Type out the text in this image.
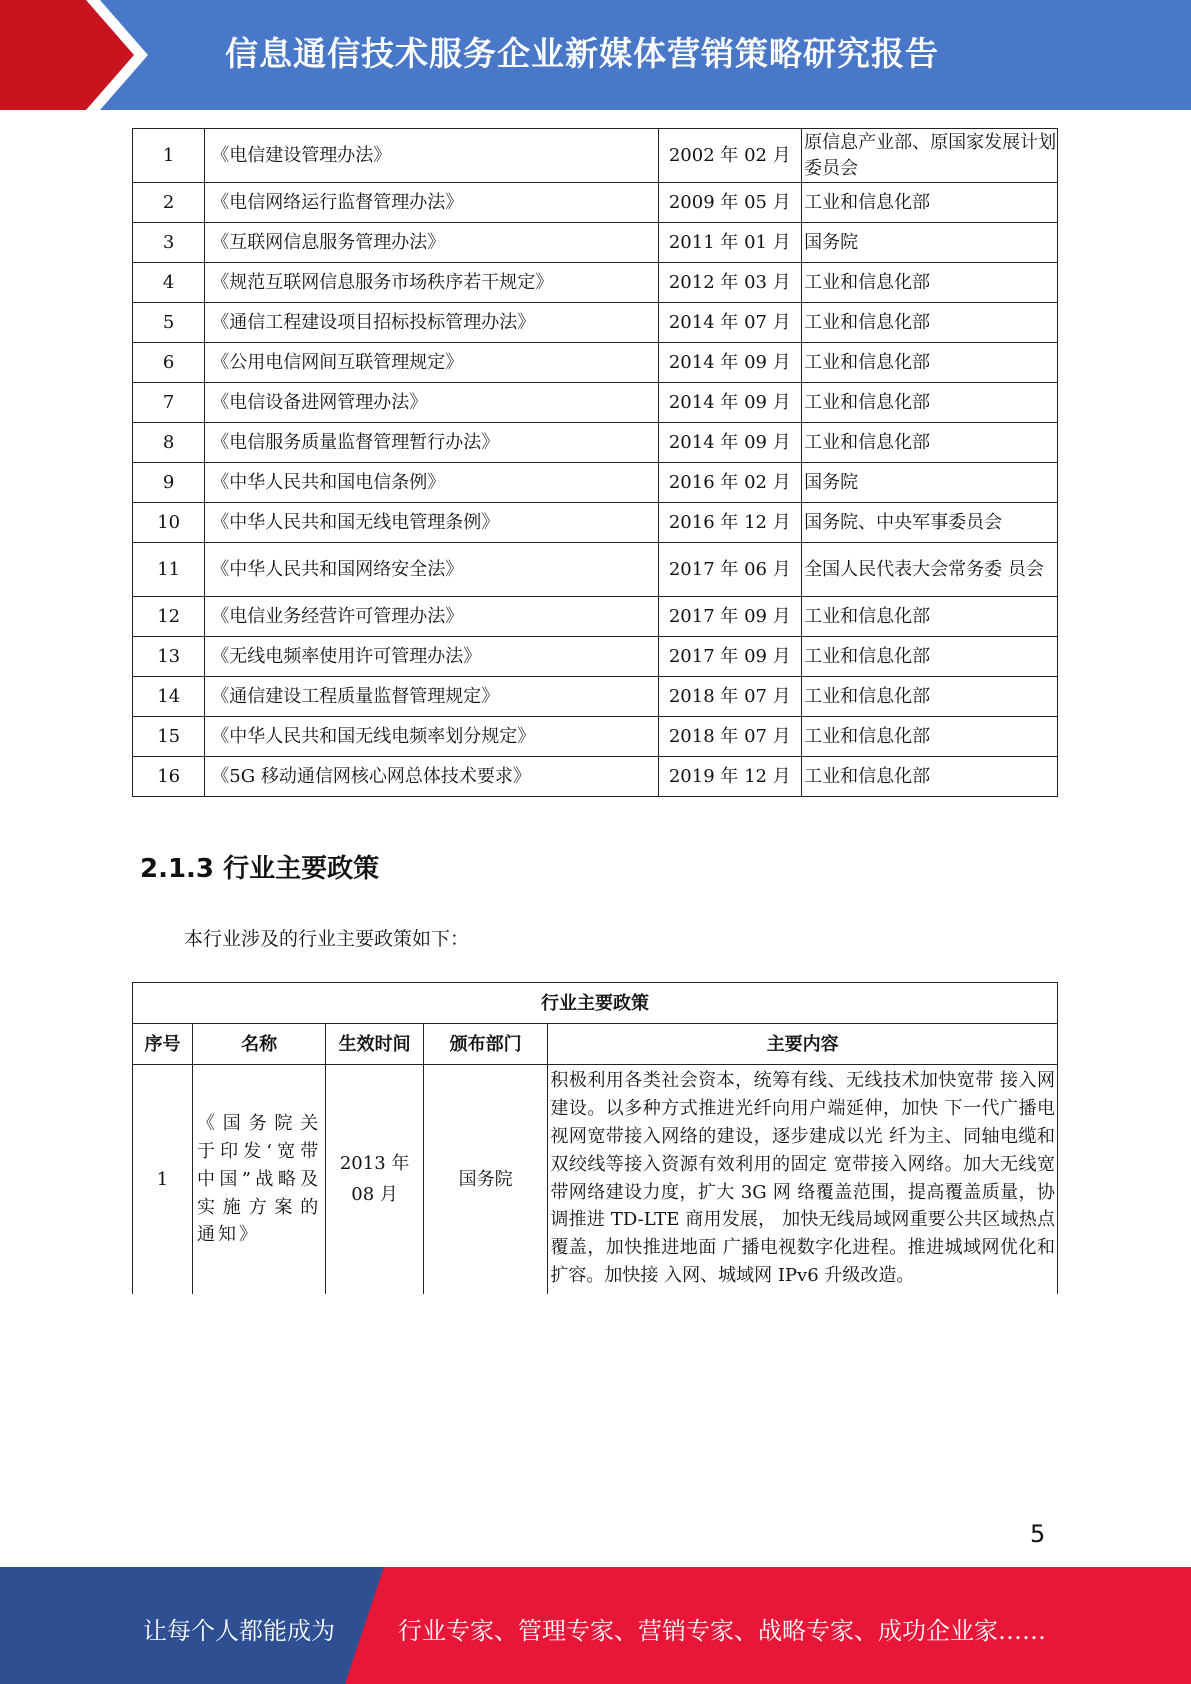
信息通信技术服务企业新媒体营销策略研究报告
1	《电信建设管理办法》	2002 年 02 月	原信息产业部、原国家发展计划委员会
2	《电信网络运行监督管理办法》	2009 年 05 月	工业和信息化部
3	《互联网信息服务管理办法》	2011 年 01 月	国务院
4	《规范互联网信息服务市场秩序若干规定》	2012 年 03 月	工业和信息化部
5	《通信工程建设项目招标投标管理办法》	2014 年 07 月	工业和信息化部
6	《公用电信网间互联管理规定》	2014 年 09 月	工业和信息化部
7	《电信设备进网管理办法》	2014 年 09 月	工业和信息化部
8	《电信服务质量监督管理暂行办法》	2014 年 09 月	工业和信息化部
9	《中华人民共和国电信条例》	2016 年 02 月	国务院
10	《中华人民共和国无线电管理条例》	2016 年 12 月	国务院、中央军事委员会
11	《中华人民共和国网络安全法》	2017 年 06 月	全国人民代表大会常务委 员会
12	《电信业务经营许可管理办法》	2017 年 09 月	工业和信息化部
13	《无线电频率使用许可管理办法》	2017 年 09 月	工业和信息化部
14	《通信建设工程质量监督管理规定》	2018 年 07 月	工业和信息化部
15	《中华人民共和国无线电频率划分规定》	2018 年 07 月	工业和信息化部
16	《5G 移动通信网核心网总体技术要求》	2019 年 12 月	工业和信息化部
2.1.3 行业主要政策
本行业涉及的行业主要政策如下：
行业主要政策				
序号	名称	生效时间	颁布部门	主要内容
1	《国务院关于印发‘宽带中国”战略及实施方案的通知》	2013 年 08 月	国务院	积极利用各类社会资本，统筹有线、无线技术加快宽带 接入网建设。以多种方式推进光纤向用户端延伸，加快 下一代广播电视网宽带接入网络的建设，逐步建成以光 纤为主、同轴电缆和双绞线等接入资源有效利用的固定 宽带接入网络。加大无线宽带网络建设力度，扩大 3G 网 络覆盖范围，提高覆盖质量，协调推进 TD-LTE 商用发展， 加快无线局域网重要公共区域热点覆盖，加快推进地面 广播电视数字化进程。推进城域网优化和扩容。加快接 入网、城域网 IPv6 升级改造。
5
让每个人都能成为	行业专家、管理专家、营销专家、战略专家、成功企业家……
